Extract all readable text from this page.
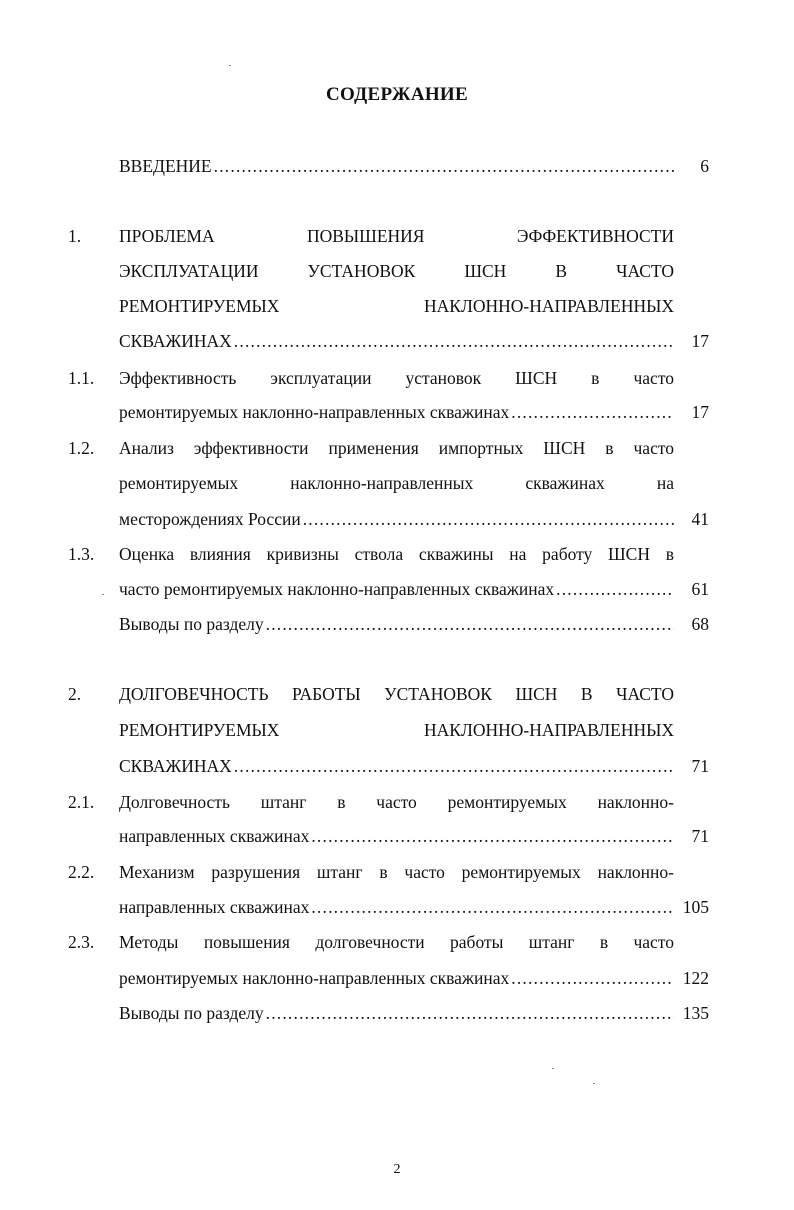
СОДЕРЖАНИЕ
ВВЕДЕНИЕ .....	6
1.	ПРОБЛЕМА ПОВЫШЕНИЯ ЭФФЕКТИВНОСТИ
ЭКСПЛУАТАЦИИ УСТАНОВОК ШСН В ЧАСТО
РЕМОНТИРУЕМЫХ НАКЛОННО-НАПРАВЛЕННЫХ
СКВАЖИНАХ .....	17
1.1.	Эффективность эксплуатации установок ШСН в часто
ремонтируемых наклонно-направленных скважинах .....	17
1.2.	Анализ эффективности применения импортных ШСН в часто
ремонтируемых наклонно-направленных скважинах на
месторождениях России .....	41
1.3.	Оценка влияния кривизны ствола скважины на работу ШСН в
часто ремонтируемых наклонно-направленных скважинах .....	61
Выводы по разделу .....	68
2.	ДОЛГОВЕЧНОСТЬ РАБОТЫ УСТАНОВОК ШСН В ЧАСТО
РЕМОНТИРУЕМЫХ НАКЛОННО-НАПРАВЛЕННЫХ
СКВАЖИНАХ .....	71
2.1.	Долговечность штанг в часто ремонтируемых наклонно-
направленных скважинах .....	71
2.2.	Механизм разрушения штанг в часто ремонтируемых наклонно-
направленных скважинах .....	105
2.3.	Методы повышения долговечности работы штанг в часто
ремонтируемых наклонно-направленных скважинах .....	122
Выводы по разделу .....	135
2
